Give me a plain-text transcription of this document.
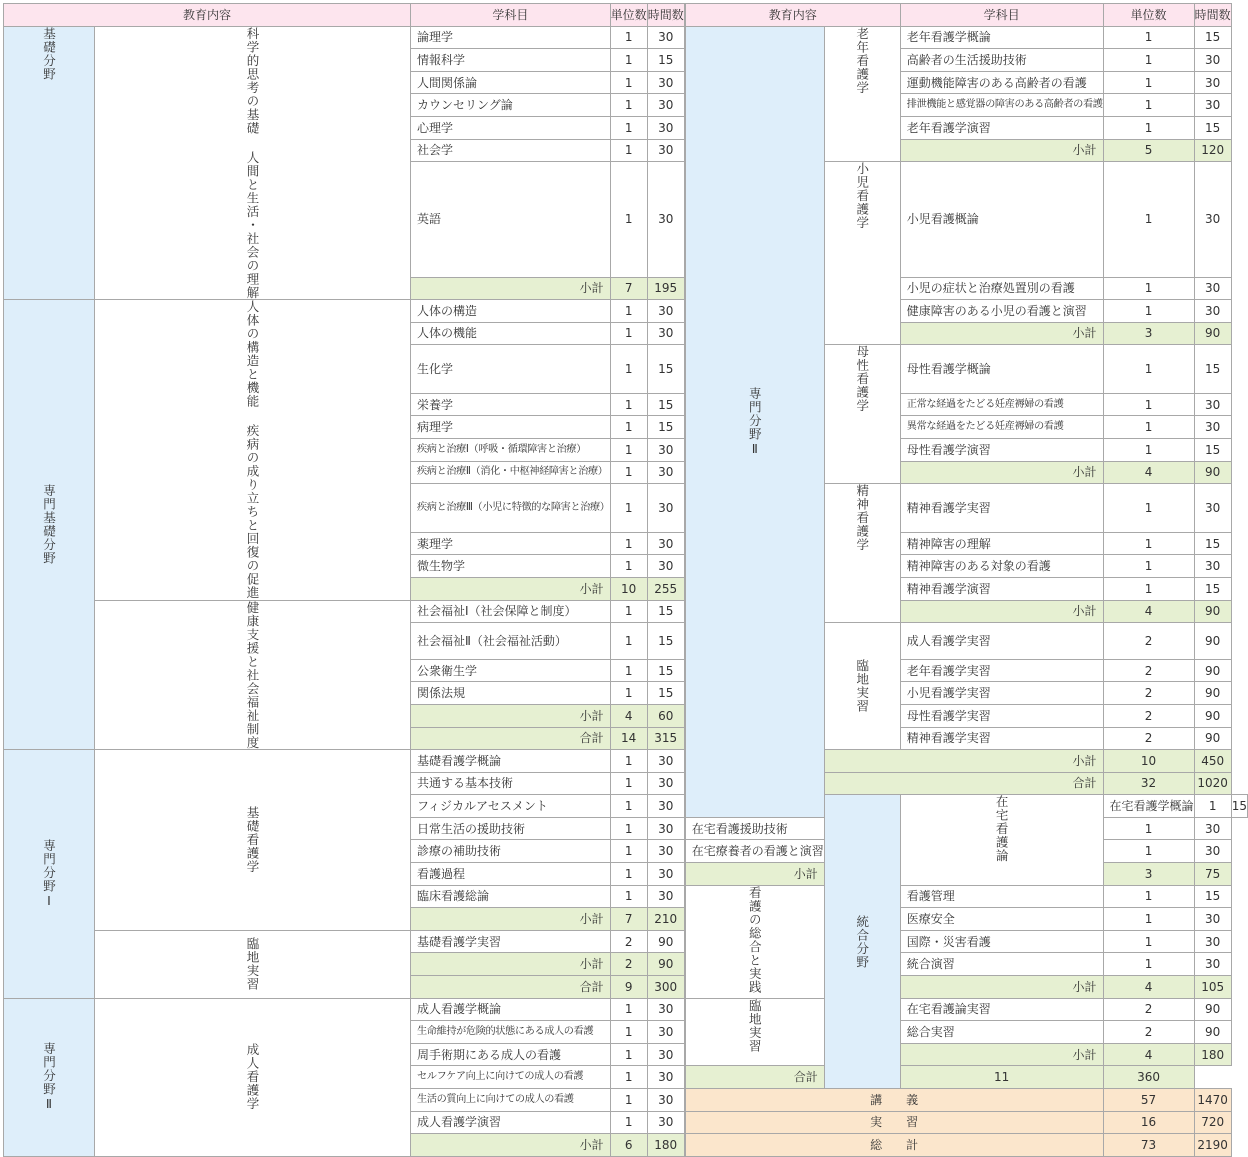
教育内容		学科目	単位数	時間数		教育内容		学科目	単位数	時間数	

基礎分野	科学的思考の基礎 人間と生活・社会の理解	論理学	1	30	専門分野Ⅱ	老年看護学	老年看護学概論	1	15	
		情報科学	1	15			高齢者の生活援助技術	1	30	
		人間関係論	1	30			運動機能障害のある高齢者の看護	1	30	
		カウンセリング論	1	30			排泄機能と感覚器の障害のある高齢者の看護	1	30	
		心理学	1	30			老年看護学演習	1	15	
		社会学	1	30			小計	5	120	
		英語	1	30		小児看護学	小児看護概論	1	30	
		小計	7	195			小児の症状と治療処置別の看護	1	30	

専門基礎分野	人体の構造と機能 疾病の成り立ちと回復の促進	人体の構造	1	30			健康障害のある小児の看護と演習	1	30	
		人体の機能	1	30			小計	3	90	
		生化学	1	15		母性看護学	母性看護学概論	1	15	
		栄養学	1	15			正常な経過をたどる妊産褥婦の看護	1	30	
		病理学	1	15			異常な経過をたどる妊産褥婦の看護	1	30	
		疾病と治療Ⅰ（呼吸・循環障害と治療）	1	30			母性看護学演習	1	15	
		疾病と治療Ⅱ（消化・中枢神経障害と治療）	1	30			小計	4	90	
		疾病と治療Ⅲ（小児に特徴的な障害と治療）	1	30		精神看護学	精神看護学実習	1	30	
		薬理学	1	30			精神障害の理解	1	15	
		微生物学	1	30			精神障害のある対象の看護	1	30	
		小計	10	255			精神看護学演習	1	15	

	健康支援と社会福祉制度	社会福祉Ⅰ（社会保障と制度）	1	15			小計	4	90	
		社会福祉Ⅱ（社会福祉活動）	1	15		臨地実習	成人看護学実習	2	90	
		公衆衛生学	1	15			老年看護学実習	2	90	
		関係法規	1	15			小児看護学実習	2	90	
		小計	4	60			母性看護学実習	2	90	
		合計	14	315			精神看護学実習	2	90	

専門分野Ⅰ	基礎看護学	基礎看護学概論	1	30		小計		10	450	
		共通する基本技術	1	30		合計		32	1020	
		フィジカルアセスメント	1	30		統合分野	在宅看護論	在宅看護学概論	1	15
		日常生活の援助技術	1	30	在宅看護援助技術			1	30	
		診療の補助技術	1	30	在宅療養者の看護と演習			1	30	
		看護過程	1	30	小計			3	75	
		臨床看護総論	1	30	看護の総合と実践		看護管理	1	15	
		小計	7	210			医療安全	1	30	

	臨地実習	基礎看護学実習	2	90			国際・災害看護	1	30	
		小計	2	90			統合演習	1	30	
		合計	9	300			小計	4	105	

専門分野Ⅱ	成人看護学	成人看護学概論	1	30	臨地実習		在宅看護論実習	2	90	
		生命維持が危険的状態にある成人の看護	1	30			総合実習	2	90	
		周手術期にある成人の看護	1	30			小計	4	180	
		セルフケア向上に向けての成人の看護	1	30	合計		11	360		
		生活の質向上に向けての成人の看護	1	30	講　　義			57	1470	
		成人看護学演習	1	30	実　　習			16	720	
		小計	6	180	総　　計			73	2190	
